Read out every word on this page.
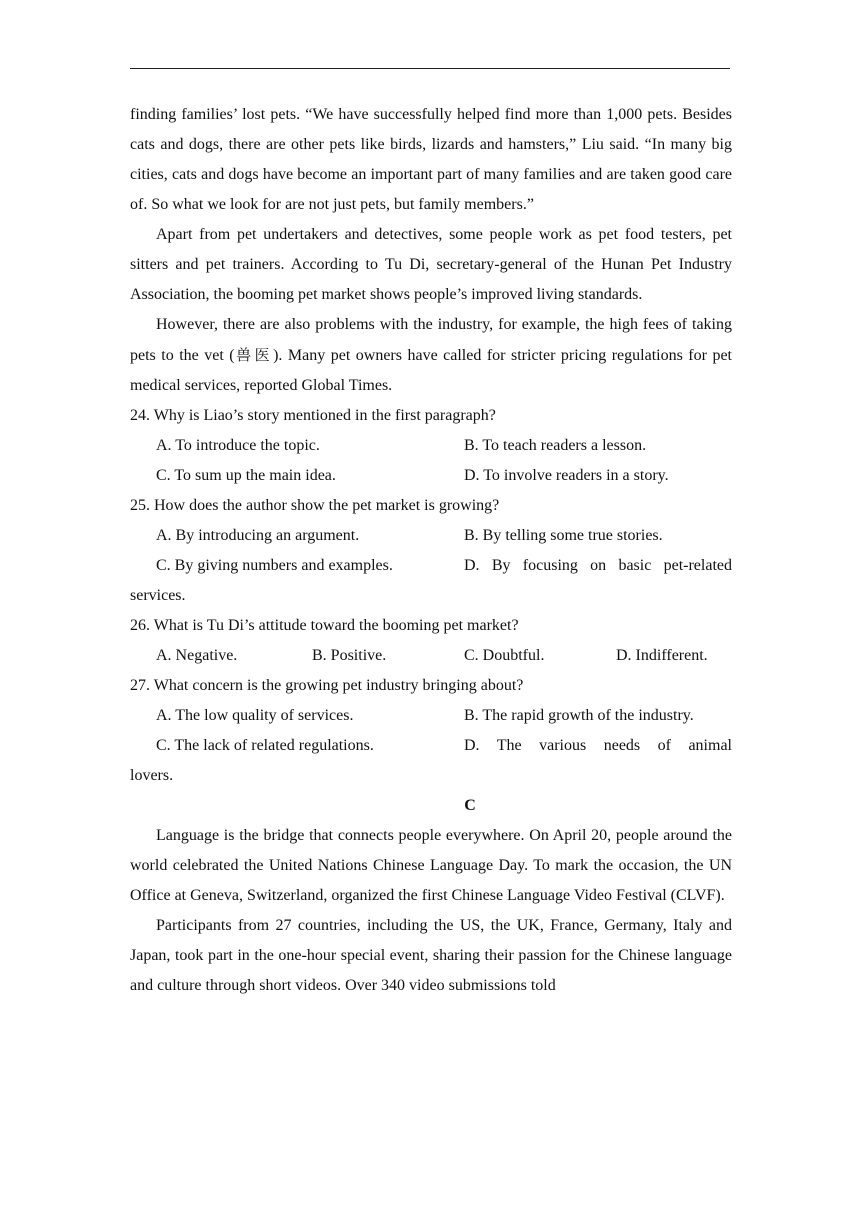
finding families’ lost pets. “We have successfully helped find more than 1,000 pets. Besides cats and dogs, there are other pets like birds, lizards and hamsters,” Liu said. “In many big cities, cats and dogs have become an important part of many families and are taken good care of. So what we look for are not just pets, but family members.”

Apart from pet undertakers and detectives, some people work as pet food testers, pet sitters and pet trainers. According to Tu Di, secretary-general of the Hunan Pet Industry Association, the booming pet market shows people’s improved living standards.

However, there are also problems with the industry, for example, the high fees of taking pets to the vet (兽医). Many pet owners have called for stricter pricing regulations for pet medical services, reported Global Times.

24. Why is Liao’s story mentioned in the first paragraph?

A. To introduce the topic.	B. To teach readers a lesson.
C. To sum up the main idea.	D. To involve readers in a story.

25. How does the author show the pet market is growing?

A. By introducing an argument.	B. By telling some true stories.
C. By giving numbers and examples.	D. By focusing on basic pet-related

services.

26. What is Tu Di’s attitude toward the booming pet market?

A. Negative.	B. Positive.	C. Doubtful.	D. Indifferent.

27. What concern is the growing pet industry bringing about?

A. The low quality of services.	B. The rapid growth of the industry.
C. The lack of related regulations.	D. The various needs of animal

lovers.

C

Language is the bridge that connects people everywhere. On April 20, people around the world celebrated the United Nations Chinese Language Day. To mark the occasion, the UN Office at Geneva, Switzerland, organized the first Chinese Language Video Festival (CLVF).

Participants from 27 countries, including the US, the UK, France, Germany, Italy and Japan, took part in the one-hour special event, sharing their passion for the Chinese language and culture through short videos. Over 340 video submissions told
